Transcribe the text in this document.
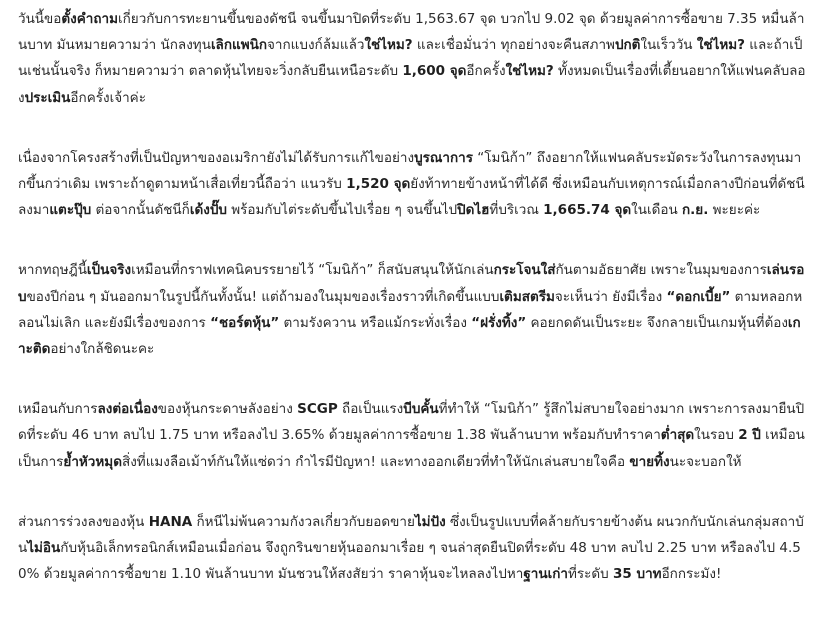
วันนี้ขอตั้งคำถามเกี่ยวกับการทะยานขึ้นของดัชนี จนขึ้นมาปิดที่ระดับ 1,563.67 จุด บวกไป 9.02 จุด ด้วยมูลค่าการซื้อขาย 7.35 หมื่นล้านบาท มันหมายความว่า นักลงทุนเลิกแพนิกจากแบงก์ล้มแล้วใช่ไหม? และเชื่อมั่นว่า ทุกอย่างจะคืนสภาพปกติในเร็ววัน ใช่ไหม? และถ้าเป็นเช่นนั้นจริง ก็หมายความว่า ตลาดหุ้นไทยจะวิ่งกลับยืนเหนือระดับ 1,600 จุดอีกครั้งใช่ไหม? ทั้งหมดเป็นเรื่องที่เตี้ยนอยากให้แฟนคลับลองประเมินอีกครั้งเจ้าค่ะ

เนื่องจากโครงสร้างที่เป็นปัญหาของอเมริกายังไม่ได้รับการแก้ไขอย่างบูรณาการ “โมนิก้า” ถึงอยากให้แฟนคลับระมัดระวังในการลงทุนมากขึ้นกว่าเดิม เพราะถ้าดูตามหน้าเสื่อเที่ยวนี้ถือว่า แนวรับ 1,520 จุดยังท้าทายข้างหน้าที่ได้ดี ซึ่งเหมือนกับเหตุการณ์เมื่อกลางปีก่อนที่ดัชนีลงมาแตะปุ๊บ ต่อจากนั้นดัชนีก็เด้งปั๊บ พร้อมกับไต่ระดับขึ้นไปเรื่อย ๆ จนขึ้นไปปิดไฮที่บริเวณ 1,665.74 จุดในเดือน ก.ย. พะยะค่ะ

หากทฤษฎีนี้เป็นจริงเหมือนที่กราฟเทคนิคบรรยายไว้ “โมนิก้า” ก็สนับสนุนให้นักเล่นกระโจนใส่กันตามอัธยาศัย เพราะในมุมของการเล่นรอบของปีก่อน ๆ มันออกมาในรูปนี้กันทั้งนั้น! แต่ถ้ามองในมุมของเรื่องราวที่เกิดขึ้นแบบเติมสตรีมจะเห็นว่า ยังมีเรื่อง “ดอกเบี้ย” ตามหลอกหลอนไม่เลิก และยังมีเรื่องของการ “ชอร์ตหุ้น” ตามรังควาน หรือแม้กระทั่งเรื่อง “ฝรั่งทิ้ง” คอยกดดันเป็นระยะ จึงกลายเป็นเกมหุ้นที่ต้องเกาะติดอย่างใกล้ชิดนะคะ

เหมือนกับการลงต่อเนื่องของหุ้นกระดาษลังอย่าง SCGP ถือเป็นแรงบีบคั้นที่ทำให้ “โมนิก้า” รู้สึกไม่สบายใจอย่างมาก เพราะการลงมายืนปิดที่ระดับ 46 บาท ลบไป 1.75 บาท หรือลงไป 3.65% ด้วยมูลค่าการซื้อขาย 1.38 พันล้านบาท พร้อมกับทำราคาต่ำสุดในรอบ 2 ปี เหมือนเป็นการย้ำหัวหมุดสิ่งที่แมงลือเม้าท์กันให้แซ่ดว่า กำไรมีปัญหา! และทางออกเดียวที่ทำให้นักเล่นสบายใจคือ ขายทิ้งนะจะบอกให้

ส่วนการร่วงลงของหุ้น HANA ก็หนีไม่พ้นความกังวลเกี่ยวกับยอดขายไม่ปัง ซึ่งเป็นรูปแบบที่คล้ายกับรายข้างต้น ผนวกกับนักเล่นกลุ่มสถาบันไม่อินกับหุ้นอิเล็กทรอนิกส์เหมือนเมื่อก่อน จึงถูกรินขายหุ้นออกมาเรื่อย ๆ จนล่าสุดยืนปิดที่ระดับ 48 บาท ลบไป 2.25 บาท หรือลงไป 4.50% ด้วยมูลค่าการซื้อขาย 1.10 พันล้านบาท มันชวนให้สงสัยว่า ราคาหุ้นจะไหลลงไปหาฐานเก่าที่ระดับ 35 บาทอีกกระมัง!
